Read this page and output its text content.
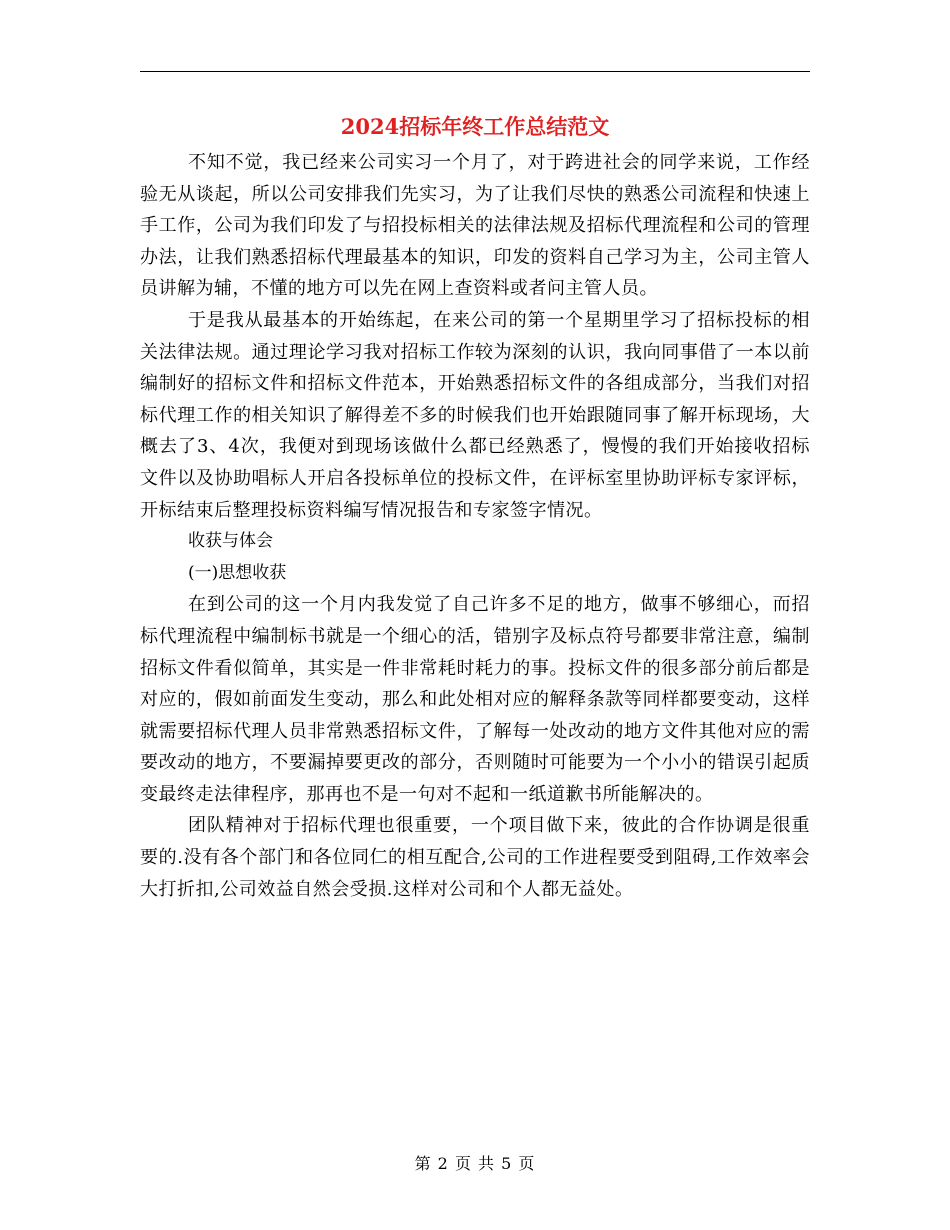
2024招标年终工作总结范文

不知不觉，我已经来公司实习一个月了，对于跨进社会的同学来说，工作经验无从谈起，所以公司安排我们先实习，为了让我们尽快的熟悉公司流程和快速上手工作，公司为我们印发了与招投标相关的法律法规及招标代理流程和公司的管理办法，让我们熟悉招标代理最基本的知识，印发的资料自己学习为主，公司主管人员讲解为辅，不懂的地方可以先在网上查资料或者问主管人员。

于是我从最基本的开始练起，在来公司的第一个星期里学习了招标投标的相关法律法规。通过理论学习我对招标工作较为深刻的认识，我向同事借了一本以前编制好的招标文件和招标文件范本，开始熟悉招标文件的各组成部分，当我们对招标代理工作的相关知识了解得差不多的时候我们也开始跟随同事了解开标现场，大概去了3、4次，我便对到现场该做什么都已经熟悉了，慢慢的我们开始接收招标文件以及协助唱标人开启各投标单位的投标文件，在评标室里协助评标专家评标，开标结束后整理投标资料编写情况报告和专家签字情况。

收获与体会

(一)思想收获

在到公司的这一个月内我发觉了自己许多不足的地方，做事不够细心，而招标代理流程中编制标书就是一个细心的活，错别字及标点符号都要非常注意，编制招标文件看似简单，其实是一件非常耗时耗力的事。投标文件的很多部分前后都是对应的，假如前面发生变动，那么和此处相对应的解释条款等同样都要变动，这样就需要招标代理人员非常熟悉招标文件，了解每一处改动的地方文件其他对应的需要改动的地方，不要漏掉要更改的部分，否则随时可能要为一个小小的错误引起质变最终走法律程序，那再也不是一句对不起和一纸道歉书所能解决的。

团队精神对于招标代理也很重要，一个项目做下来，彼此的合作协调是很重要的.没有各个部门和各位同仁的相互配合,公司的工作进程要受到阻碍,工作效率会大打折扣,公司效益自然会受损.这样对公司和个人都无益处。

第 2 页 共 5 页
